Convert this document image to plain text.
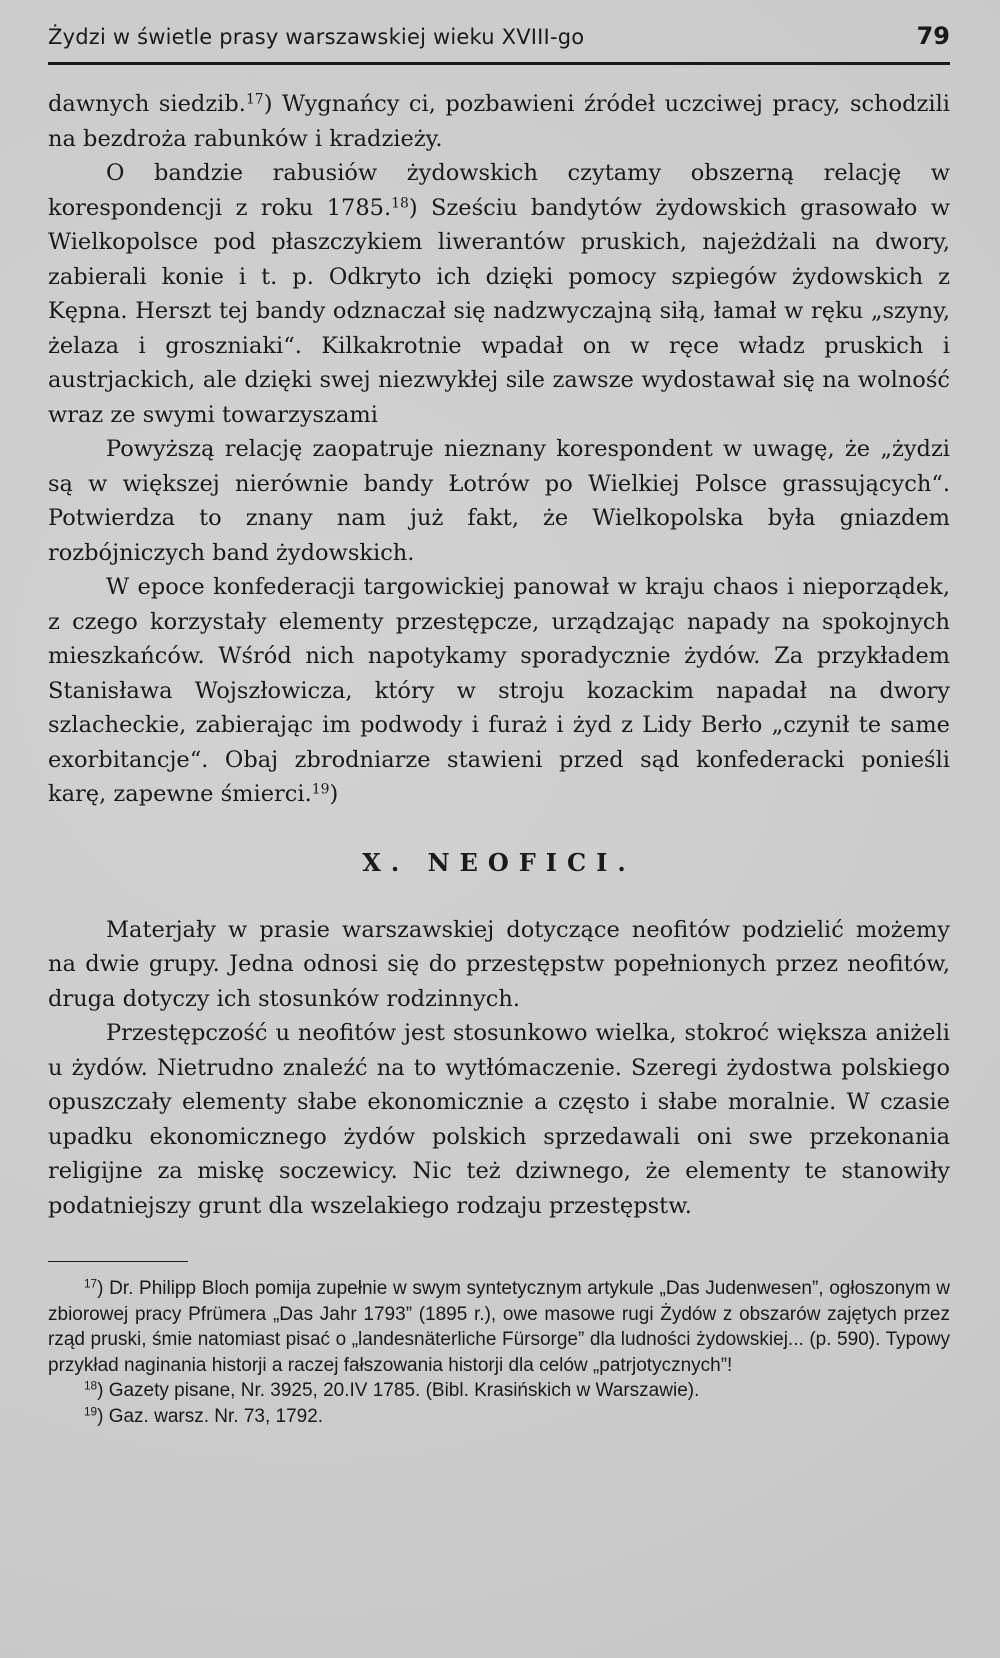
Żydzi w świetle prasy warszawskiej wieku XVIII-go	79

dawnych siedzib.$^{17}$) Wygnańcy ci, pozbawieni źródeł uczciwej pracy, schodzili na bezdroża rabunków i kradzieży.

O bandzie rabusiów żydowskich czytamy obszerną relację w korespondencji z roku 1785.18) Sześciu bandytów żydowskich grasowało w Wielkopolsce pod płaszczykiem liwerantów pruskich, najeżdżali na dwory, zabierali konie i t. p. Odkryto ich dzięki pomocy szpiegów żydowskich z Kępna. Herszt tej bandy odznaczał się nadzwyczajną siłą, łamał w ręku „szyny, żelaza i groszniaki“. Kilkakrotnie wpadał on w ręce władz pruskich i austrjackich, ale dzięki swej niezwykłej sile zawsze wydostawał się na wolność wraz ze swymi towarzyszami

Powyższą relację zaopatruje nieznany korespondent w uwagę, że „żydzi są w większej nierównie bandy Łotrów po Wielkiej Polsce grassujących“. Potwierdza to znany nam już fakt, że Wielkopolska była gniazdem rozbójniczych band żydowskich.

W epoce konfederacji targowickiej panował w kraju chaos i nieporządek, z czego korzystały elementy przestępcze, urządzając napady na spokojnych mieszkańców. Wśród nich napotykamy sporadycznie żydów. Za przykładem Stanisława Wojszłowicza, który w stroju kozackim napadał na dwory szlacheckie, zabierając im podwody i furaż i żyd z Lidy Berło „czynił te same exorbitancje“. Obaj zbrodniarze stawieni przed sąd konfederacki ponieśli karę, zapewne śmierci.$^{19}$)

X. NEOFICI.

Materjały w prasie warszawskiej dotyczące neofitów podzielić możemy na dwie grupy. Jedna odnosi się do przestępstw popełnionych przez neofitów, druga dotyczy ich stosunków rodzinnych.

Przestępczość u neofitów jest stosunkowo wielka, stokroć większa aniżeli u żydów. Nietrudno znaleźć na to wytłómaczenie. Szeregi żydostwa polskiego opuszczały elementy słabe ekonomicznie a często i słabe moralnie. W czasie upadku ekonomicznego żydów polskich sprzedawali oni swe przekonania religijne za miskę soczewicy. Nic też dziwnego, że elementy te stanowiły podatniejszy grunt dla wszelakiego rodzaju przestępstw.

$^{17}$) Dr. Philipp Bloch pomija zupełnie w swym syntetycznym artykule „Das Judenwesen”, ogłoszonym w zbiorowej pracy Pfrümera „Das Jahr 1793” (1895 r.), owe masowe rugi Żydów z obszarów zajętych przez rząd pruski, śmie natomiast pisać o „landesnäterliche Fürsorge” dla ludności żydowskiej... (p. 590). Typowy przykład naginania historji a raczej fałszowania historji dla celów „patrjotycznych”!

$^{18}$) Gazety pisane, Nr. 3925, 20.IV 1785. (Bibl. Krasińskich w Warszawie).

$^{19}$) Gaz. warsz. Nr. 73, 1792.
